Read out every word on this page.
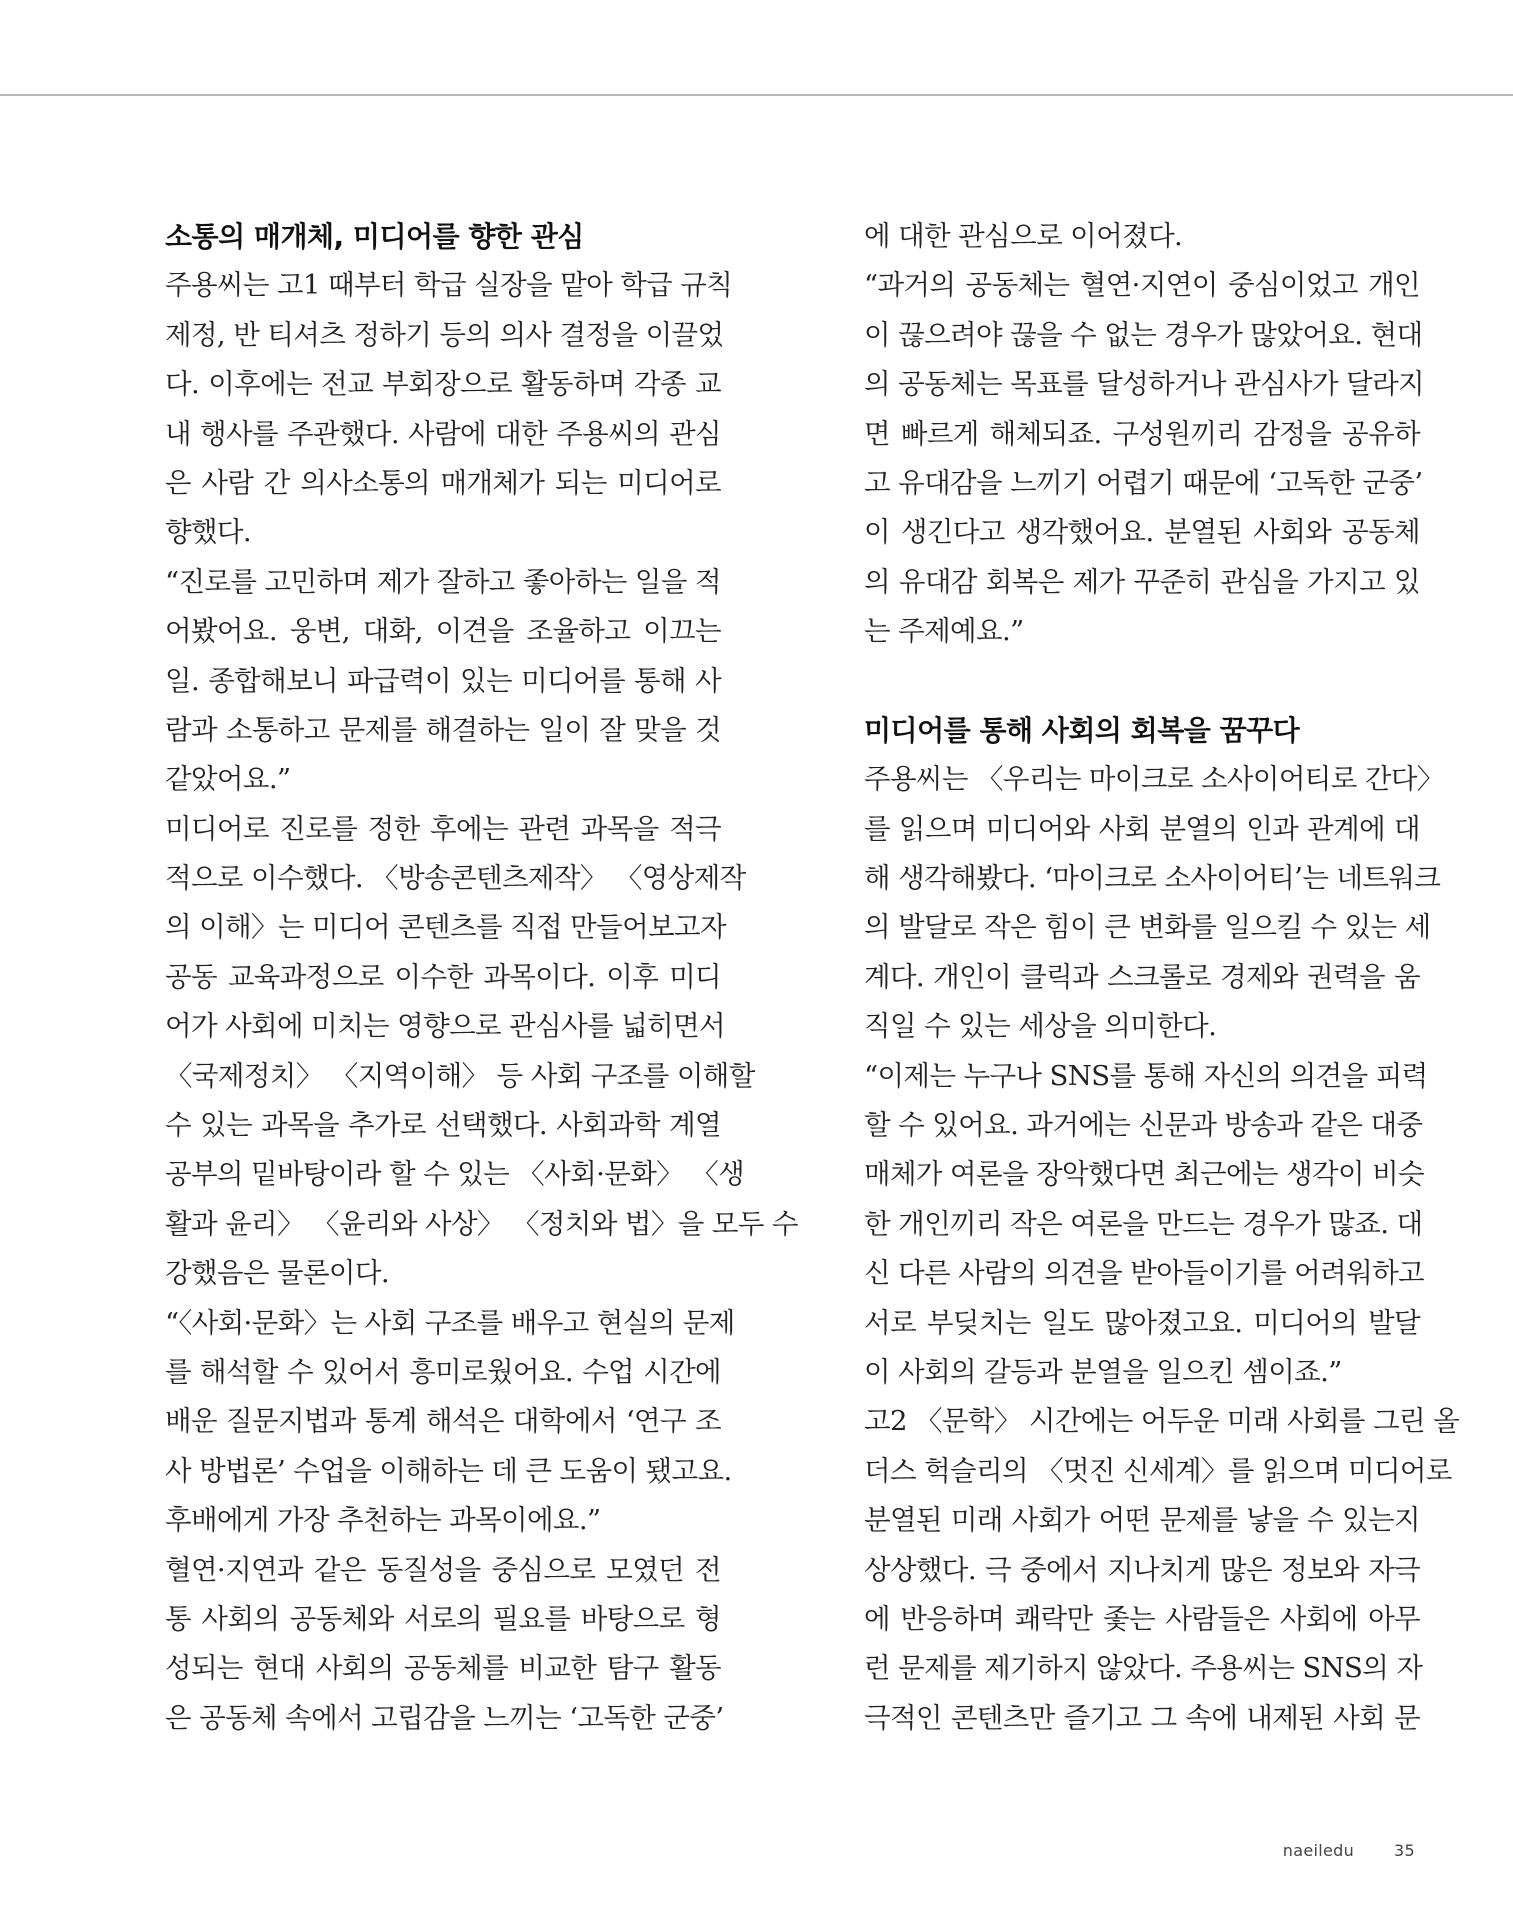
소통의 매개체, 미디어를 향한 관심
주용씨는 고1 때부터 학급 실장을 맡아 학급 규칙
제정, 반 티셔츠 정하기 등의 의사 결정을 이끌었
다. 이후에는 전교 부회장으로 활동하며 각종 교
내 행사를 주관했다. 사람에 대한 주용씨의 관심
은 사람 간 의사소통의 매개체가 되는 미디어로
향했다.
“진로를 고민하며 제가 잘하고 좋아하는 일을 적
어봤어요. 웅변, 대화, 이견을 조율하고 이끄는
일. 종합해보니 파급력이 있는 미디어를 통해 사
람과 소통하고 문제를 해결하는 일이 잘 맞을 것
같았어요.”
미디어로 진로를 정한 후에는 관련 과목을 적극
적으로 이수했다. 〈방송콘텐츠제작〉 〈영상제작
의 이해〉는 미디어 콘텐츠를 직접 만들어보고자
공동 교육과정으로 이수한 과목이다. 이후 미디
어가 사회에 미치는 영향으로 관심사를 넓히면서
〈국제정치〉 〈지역이해〉 등 사회 구조를 이해할
수 있는 과목을 추가로 선택했다. 사회과학 계열
공부의 밑바탕이라 할 수 있는 〈사회·문화〉 〈생
활과 윤리〉 〈윤리와 사상〉 〈정치와 법〉을 모두 수
강했음은 물론이다.
“〈사회·문화〉는 사회 구조를 배우고 현실의 문제
를 해석할 수 있어서 흥미로웠어요. 수업 시간에
배운 질문지법과 통계 해석은 대학에서 ‘연구 조
사 방법론’ 수업을 이해하는 데 큰 도움이 됐고요.
후배에게 가장 추천하는 과목이에요.”
혈연·지연과 같은 동질성을 중심으로 모였던 전
통 사회의 공동체와 서로의 필요를 바탕으로 형
성되는 현대 사회의 공동체를 비교한 탐구 활동
은 공동체 속에서 고립감을 느끼는 ‘고독한 군중’
에 대한 관심으로 이어졌다.
“과거의 공동체는 혈연·지연이 중심이었고 개인
이 끊으려야 끊을 수 없는 경우가 많았어요. 현대
의 공동체는 목표를 달성하거나 관심사가 달라지
면 빠르게 해체되죠. 구성원끼리 감정을 공유하
고 유대감을 느끼기 어렵기 때문에 ‘고독한 군중’
이 생긴다고 생각했어요. 분열된 사회와 공동체
의 유대감 회복은 제가 꾸준히 관심을 가지고 있
는 주제예요.”
미디어를 통해 사회의 회복을 꿈꾸다
주용씨는 〈우리는 마이크로 소사이어티로 간다〉
를 읽으며 미디어와 사회 분열의 인과 관계에 대
해 생각해봤다. ‘마이크로 소사이어티’는 네트워크
의 발달로 작은 힘이 큰 변화를 일으킬 수 있는 세
계다. 개인이 클릭과 스크롤로 경제와 권력을 움
직일 수 있는 세상을 의미한다.
“이제는 누구나 SNS를 통해 자신의 의견을 피력
할 수 있어요. 과거에는 신문과 방송과 같은 대중
매체가 여론을 장악했다면 최근에는 생각이 비슷
한 개인끼리 작은 여론을 만드는 경우가 많죠. 대
신 다른 사람의 의견을 받아들이기를 어려워하고
서로 부딪치는 일도 많아졌고요. 미디어의 발달
이 사회의 갈등과 분열을 일으킨 셈이죠.”
고2 〈문학〉 시간에는 어두운 미래 사회를 그린 올
더스 헉슬리의 〈멋진 신세계〉를 읽으며 미디어로
분열된 미래 사회가 어떤 문제를 낳을 수 있는지
상상했다. 극 중에서 지나치게 많은 정보와 자극
에 반응하며 쾌락만 좇는 사람들은 사회에 아무
런 문제를 제기하지 않았다. 주용씨는 SNS의 자
극적인 콘텐츠만 즐기고 그 속에 내제된 사회 문
naeiledu	35
